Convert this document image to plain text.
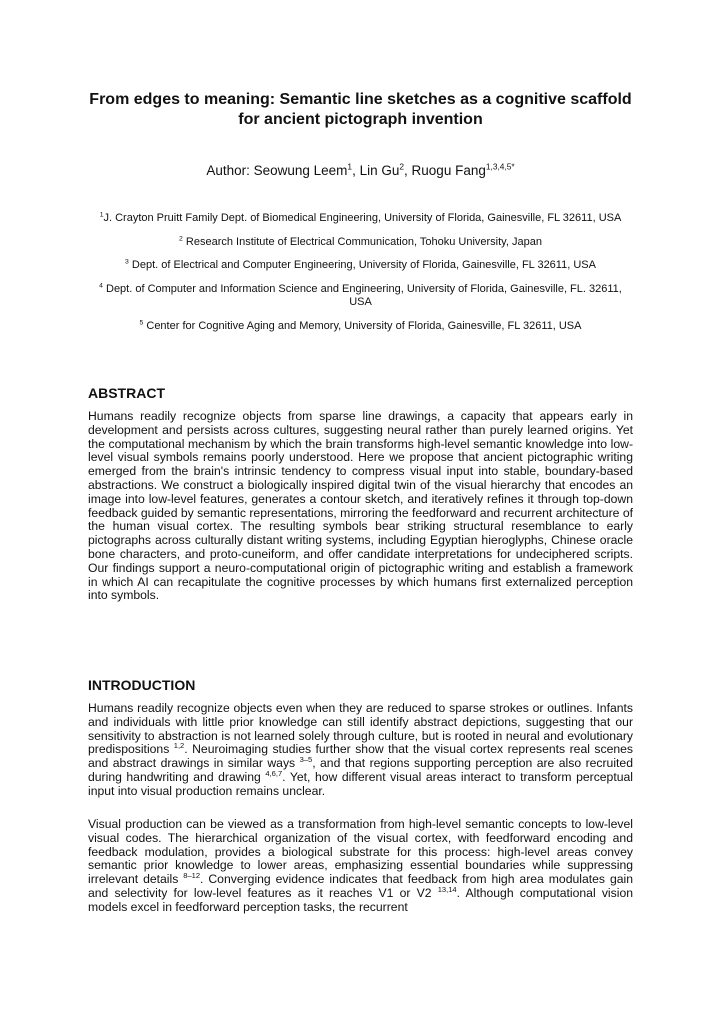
From edges to meaning: Semantic line sketches as a cognitive scaffold for ancient pictograph invention
Author: Seowung Leem$^1$, Lin Gu$^2$, Ruogu Fang$^{1,3,4,5*}$
$^1$J. Crayton Pruitt Family Dept. of Biomedical Engineering, University of Florida, Gainesville, FL 32611, USA
$^2$ Research Institute of Electrical Communication, Tohoku University, Japan
$^3$ Dept. of Electrical and Computer Engineering, University of Florida, Gainesville, FL 32611, USA
$^4$ Dept. of Computer and Information Science and Engineering, University of Florida, Gainesville, FL. 32611, USA
$^5$ Center for Cognitive Aging and Memory, University of Florida, Gainesville, FL 32611, USA
ABSTRACT
Humans readily recognize objects from sparse line drawings, a capacity that appears early in development and persists across cultures, suggesting neural rather than purely learned origins. Yet the computational mechanism by which the brain transforms high-level semantic knowledge into low-level visual symbols remains poorly understood. Here we propose that ancient pictographic writing emerged from the brain's intrinsic tendency to compress visual input into stable, boundary-based abstractions. We construct a biologically inspired digital twin of the visual hierarchy that encodes an image into low-level features, generates a contour sketch, and iteratively refines it through top-down feedback guided by semantic representations, mirroring the feedforward and recurrent architecture of the human visual cortex. The resulting symbols bear striking structural resemblance to early pictographs across culturally distant writing systems, including Egyptian hieroglyphs, Chinese oracle bone characters, and proto-cuneiform, and offer candidate interpretations for undeciphered scripts. Our findings support a neuro-computational origin of pictographic writing and establish a framework in which AI can recapitulate the cognitive processes by which humans first externalized perception into symbols.
INTRODUCTION
Humans readily recognize objects even when they are reduced to sparse strokes or outlines. Infants and individuals with little prior knowledge can still identify abstract depictions, suggesting that our sensitivity to abstraction is not learned solely through culture, but is rooted in neural and evolutionary predispositions $^{1,2}$. Neuroimaging studies further show that the visual cortex represents real scenes and abstract drawings in similar ways $^{3-5}$, and that regions supporting perception are also recruited during handwriting and drawing $^{4,6,7}$. Yet, how different visual areas interact to transform perceptual input into visual production remains unclear.
Visual production can be viewed as a transformation from high-level semantic concepts to low-level visual codes. The hierarchical organization of the visual cortex, with feedforward encoding and feedback modulation, provides a biological substrate for this process: high-level areas convey semantic prior knowledge to lower areas, emphasizing essential boundaries while suppressing irrelevant details $^{8-12}$. Converging evidence indicates that feedback from high area modulates gain and selectivity for low-level features as it reaches V1 or V2 $^{13,14}$. Although computational vision models excel in feedforward perception tasks, the recurrent
